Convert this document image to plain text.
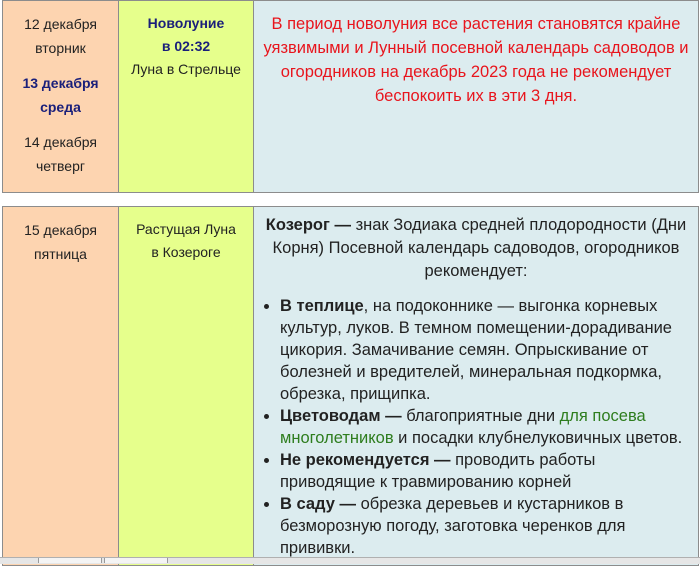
12 декабря
вторник
13 декабря
среда
14 декабря
четверг

Новолуние
в 02:32
Луна в Стрельце

В период новолуния все растения становятся крайне уязвимыми и Лунный посевной календарь садоводов и огородников на декабрь 2023 года не рекомендует беспокоить их в эти 3 дня.

15 декабря
пятница

Растущая Луна
в Козероге

Козерог — знак Зодиака средней плодородности (Дни Корня) Посевной календарь садоводов, огородников рекомендует:

• В теплице, на подоконнике — выгонка корневых культур, луков. В темном помещении-дорадивание цикория. Замачивание семян. Опрыскивание от болезней и вредителей, минеральная подкормка, обрезка, прищипка.
• Цветоводам — благоприятные дни для посева многолетников и посадки клубнелуковичных цветов.
• Не рекомендуется — проводить работы приводящие к травмированию корней
• В саду — обрезка деревьев и кустарников в безморозную погоду, заготовка черенков для прививки.
